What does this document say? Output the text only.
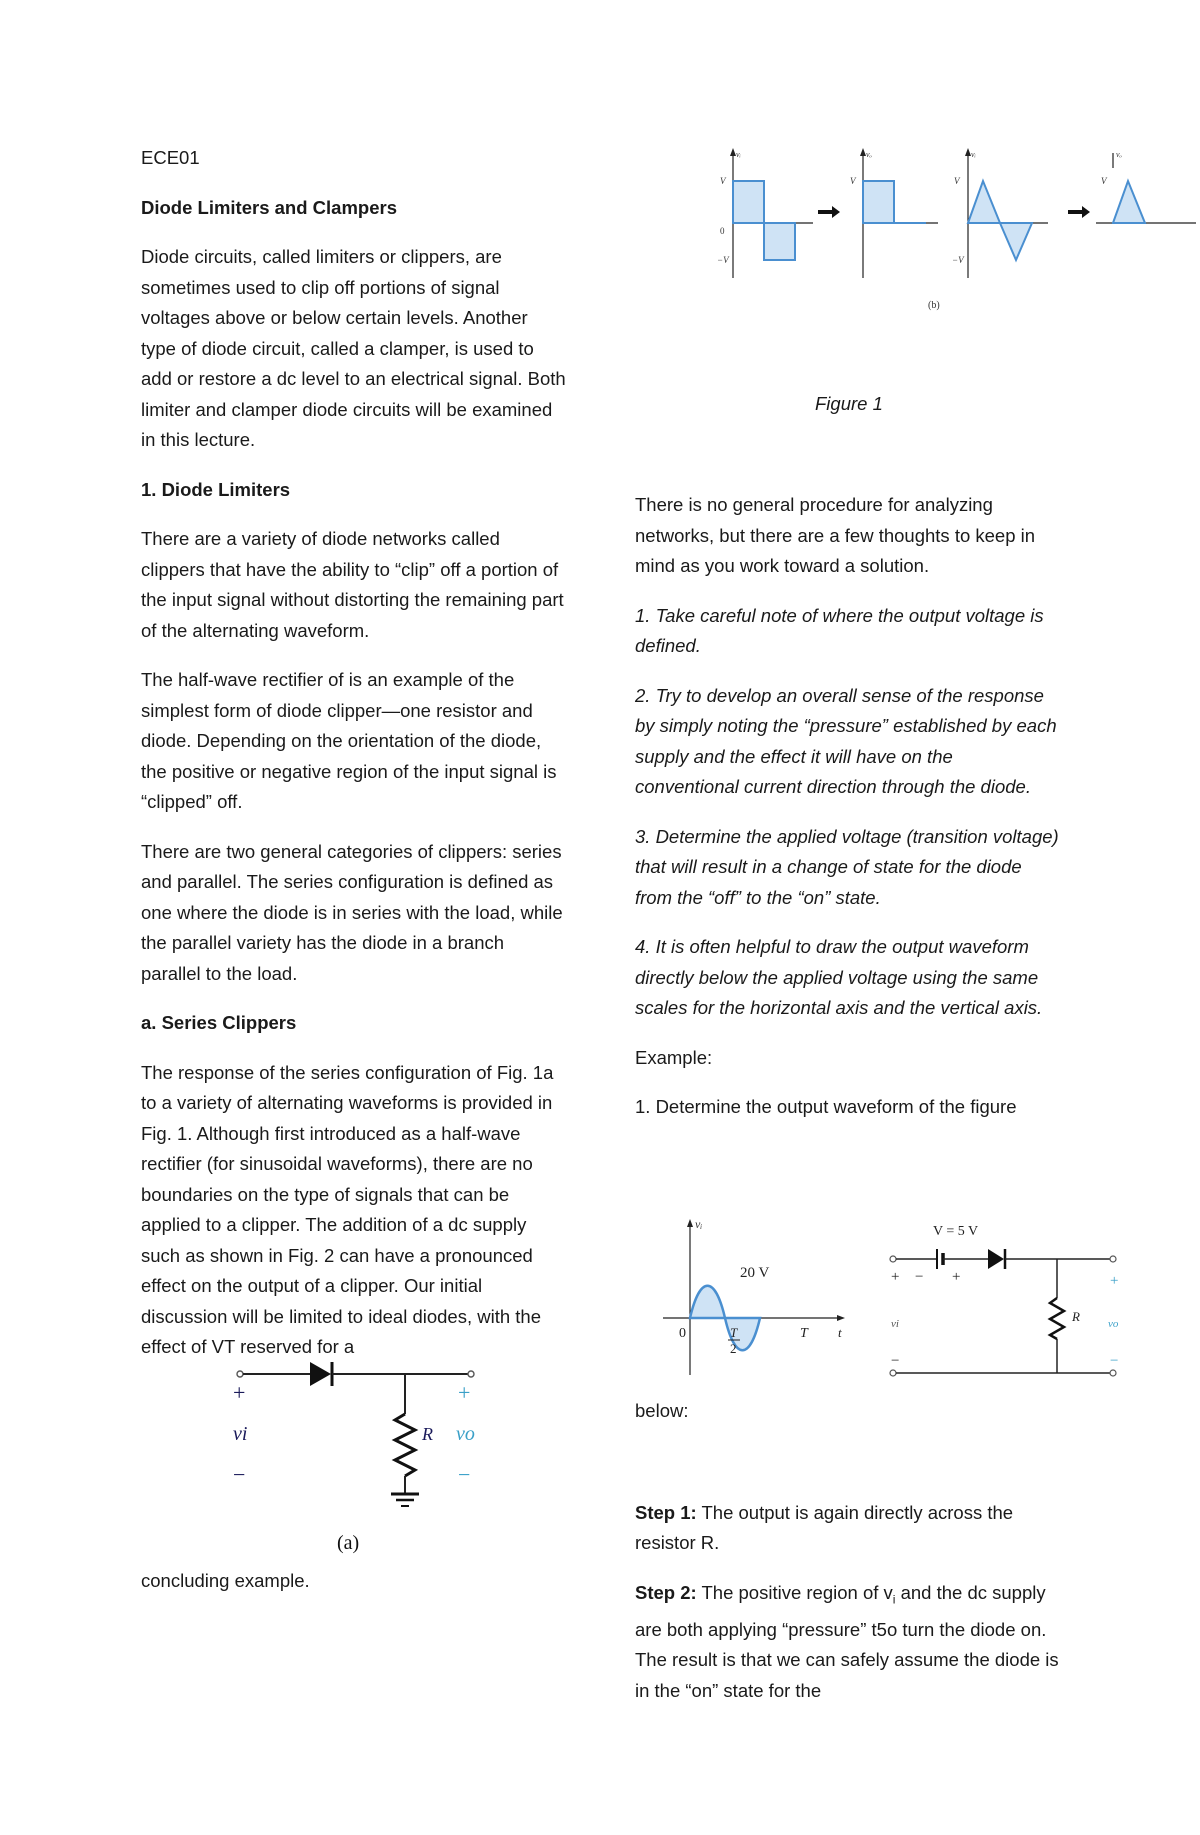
ECE01

Diode Limiters and Clampers

Diode circuits, called limiters or clippers, are sometimes used to clip off portions of signal voltages above or below certain levels. Another type of diode circuit, called a clamper, is used to add or restore a dc level to an electrical signal. Both limiter and clamper diode circuits will be examined in this lecture.

1. Diode Limiters

There are a variety of diode networks called clippers that have the ability to “clip” off a portion of the input signal without distorting the remaining part of the alternating waveform.

The half-wave rectifier of is an example of the simplest form of diode clipper—one resistor and diode. Depending on the orientation of the diode, the positive or negative region of the input signal is “clipped” off.

There are two general categories of clippers: series and parallel. The series configuration is defined as one where the diode is in series with the load, while the parallel variety has the diode in a branch parallel to the load.

a. Series Clippers

The response of the series configuration of Fig. 1a to a variety of alternating waveforms is provided in Fig. 1. Although first introduced as a half-wave rectifier (for sinusoidal waveforms), there are no boundaries on the type of signals that can be applied to a clipper. The addition of a dc supply such as shown in Fig. 2 can have a pronounced effect on the output of a clipper. Our initial discussion will be limited to ideal diodes, with the effect of VT reserved for a

+
vi
−
R
+
vo
−
(a)

concluding example.

V
0
−V
vᵢ
V
vₒ
V
−V
vᵢ
V
vₒ
(b)

Figure 1

There is no general procedure for analyzing networks, but there are a few thoughts to keep in mind as you work toward a solution.

1. Take careful note of where the output voltage is defined.

2. Try to develop an overall sense of the response by simply noting the “pressure” established by each supply and the effect it will have on the conventional current direction through the diode.

3. Determine the applied voltage (transition voltage) that will result in a change of state for the diode from the “off” to the “on” state.

4. It is often helpful to draw the output waveform directly below the applied voltage using the same scales for the horizontal axis and the vertical axis.

Example:

1. Determine the output waveform of the figure

vᵢ
20 V
0	T
2
T t
V = 5 V
+ − +
vi
−
R
+
vo
−

below:

Step 1: The output is again directly across the resistor R.

Step 2: The positive region of $v_i$ and the dc supply are both applying “pressure” t5o turn the diode on. The result is that we can safely assume the diode is in the “on” state for the
